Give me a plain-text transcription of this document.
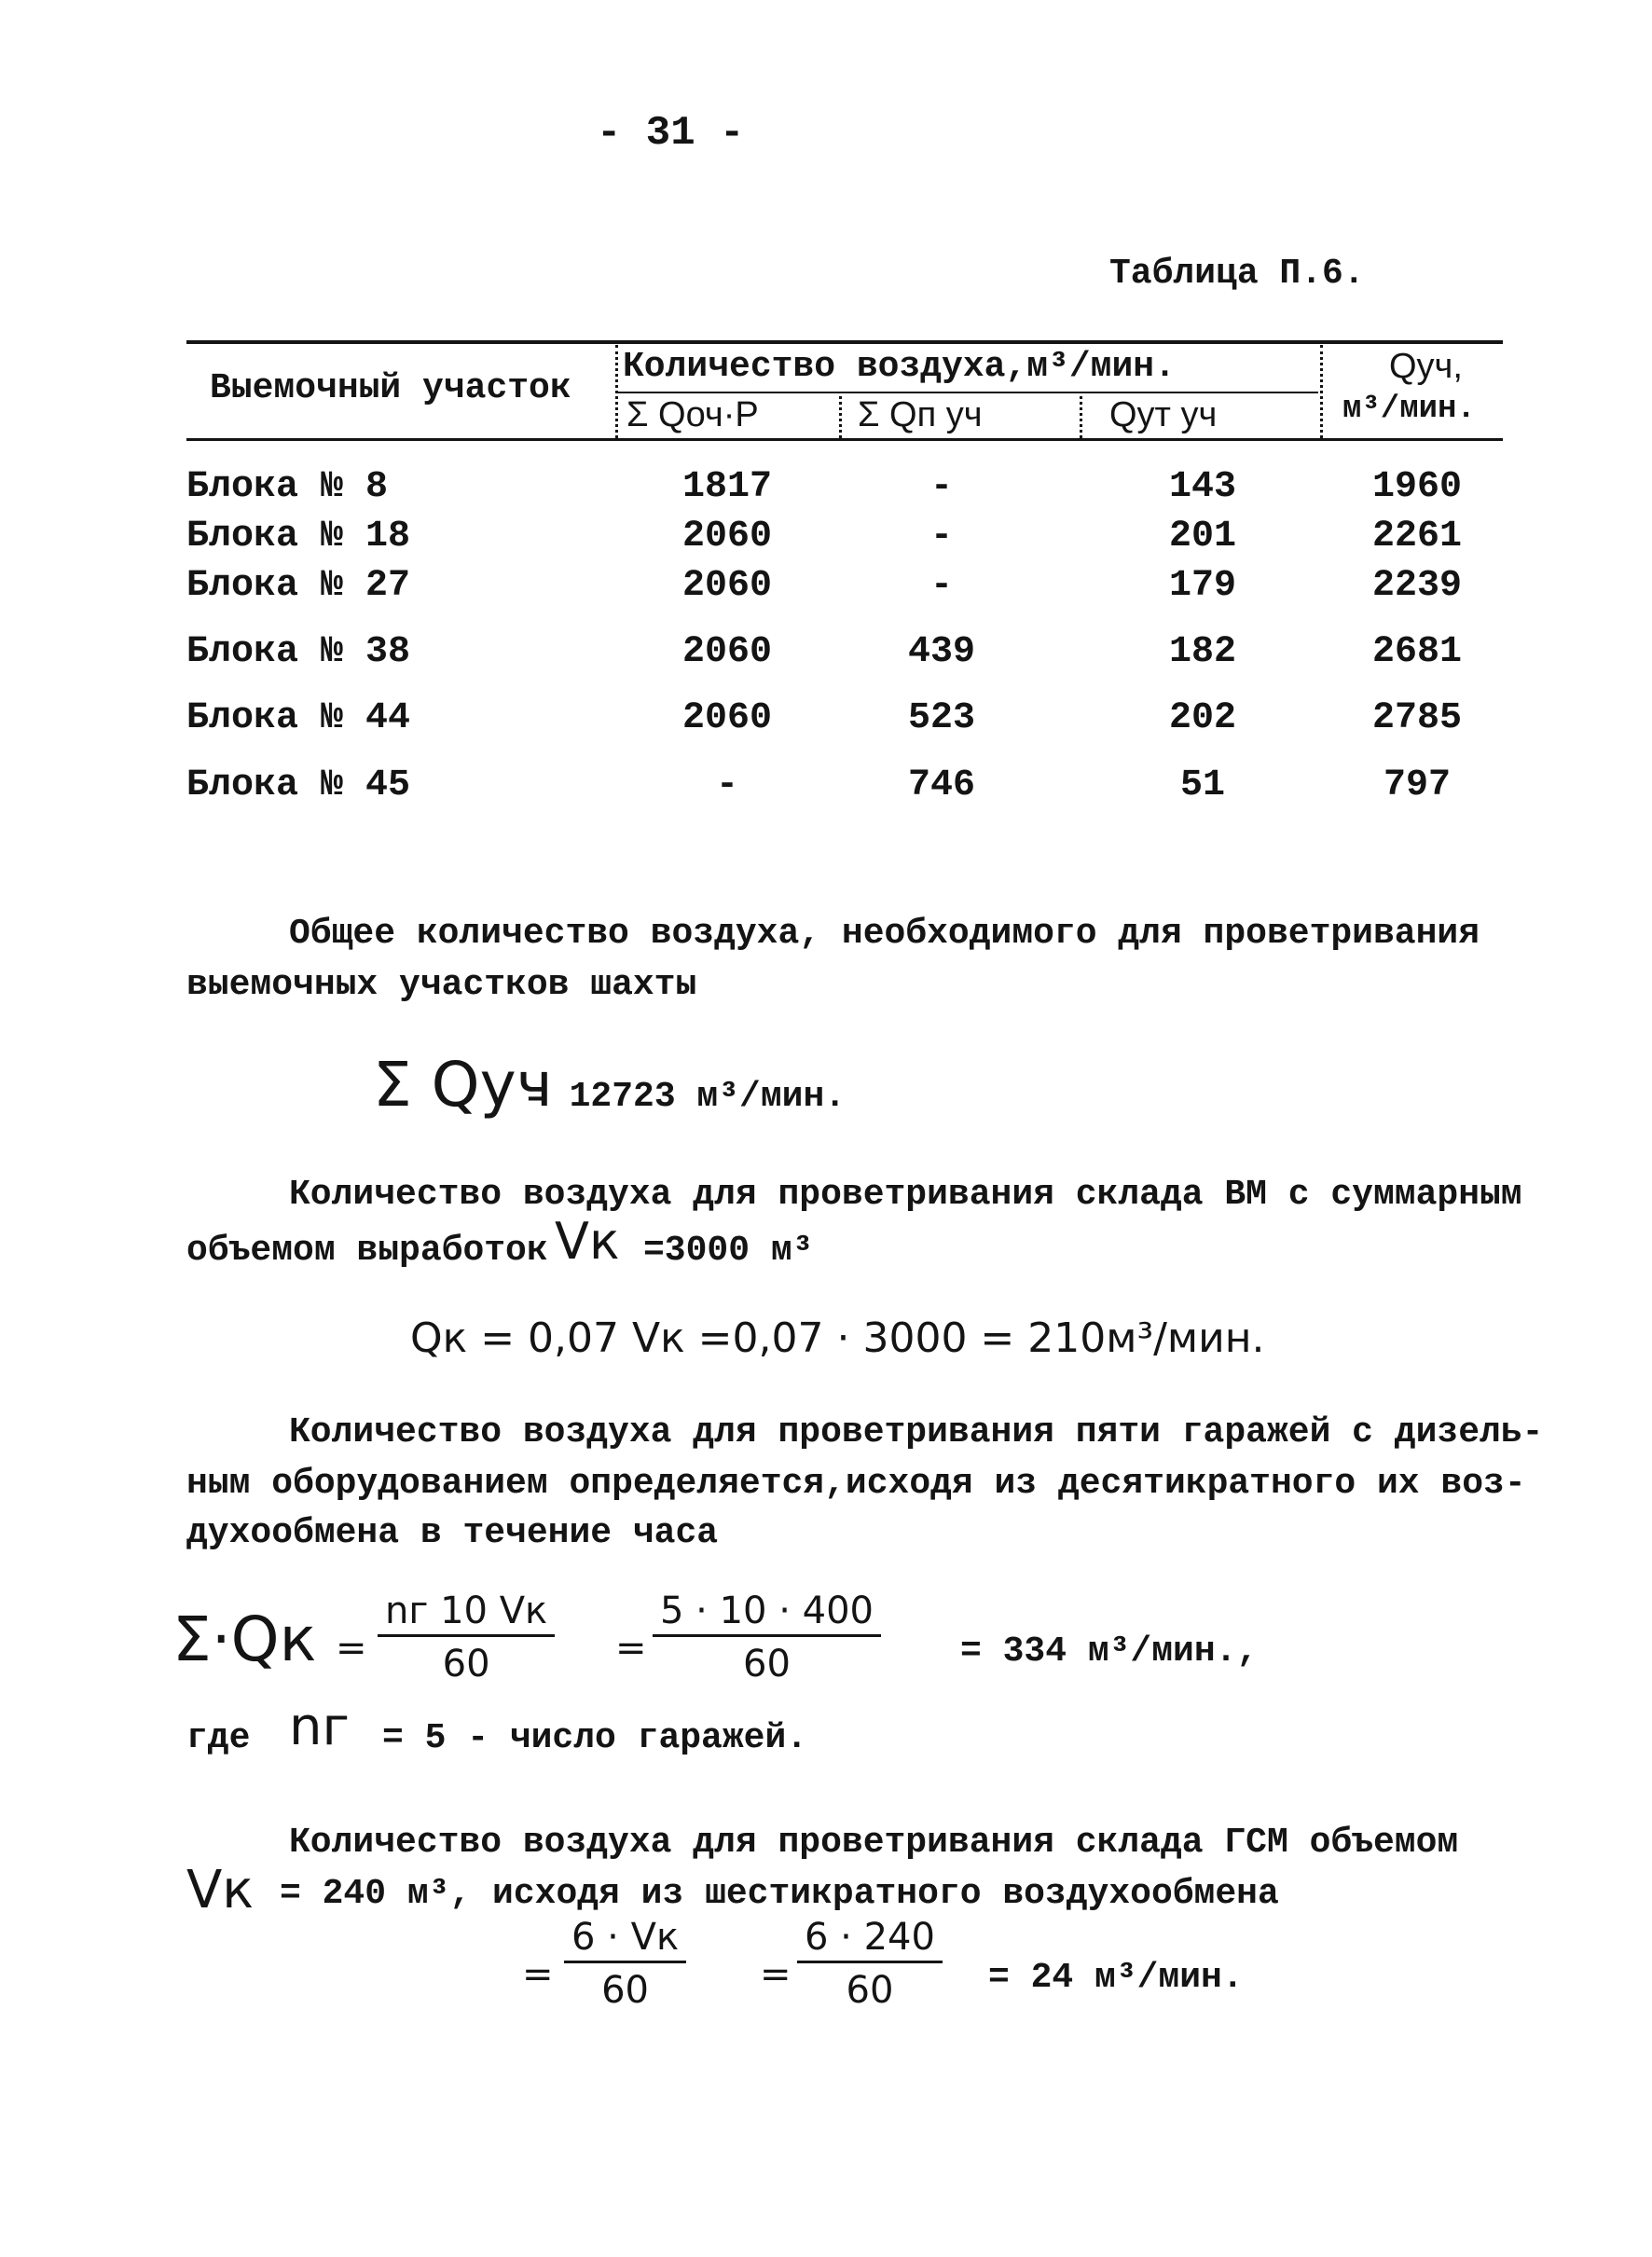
- 31 -
Таблица П.6.
Выемочный участок
Количество воздуха,м³/мин.
Σ Qоч·P	Σ Qп уч	Qут уч
Qуч,
м³/мин.
Блока № 8	1817	-	143	1960
Блока № 18	2060	-	201	2261
Блока № 27	2060	-	179	2239
Блока № 38	2060	439	182	2681
Блока № 44	2060	523	202	2785
Блока № 45	-	746	51	797
Общее количество воздуха, необходимого для проветривания
выемочных участков шахты
Σ Qуч
= 12723 м³/мин.
Количество воздуха для проветривания склада ВМ с суммарным
объемом выработок Vк =3000 м³
Qк = 0,07 Vк =0,07 · 3000 = 210м³/мин.
Количество воздуха для проветривания пяти гаражей с дизель-
ным оборудованием определяется,исходя из десятикратного их воз-
духообмена в течение часа
Σ·Qк =
nг 10 Vк
60	= $\frac{5 \cdot 10 \cdot 400}{60} = 334$ м³/мин.,
где nг = 5 - число гаражей.
Количество воздуха для проветривания склада ГСМ объемом
Vк = 240 м³, исходя из шестикратного воздухообмена
=
6 · Vк
60	= $\frac{6 \cdot 240}{60} = 24$ м³/мин.
